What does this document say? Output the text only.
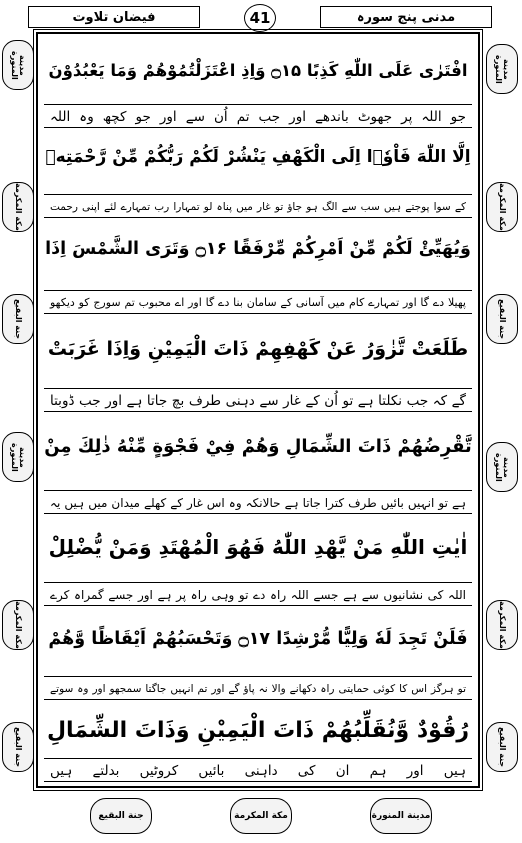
فیضان تلاوت	41	مدنی پنج سورہ
مدینة المنورة
مكة المكرمة
جنة البقيع
مدینة المنورة
مكة المكرمة
جنة البقيع
مدینة المنورة
مكة المكرمة
جنة البقيع
مدینة المنورة
مكة المكرمة
جنة البقيع
افْتَرٰى عَلَى اللّٰهِ كَذِبًا ۝۱۵ وَاِذِ اعْتَزَلْتُمُوْهُمْ وَمَا يَعْبُدُوْنَ
جو اللہ پر جھوٹ باندھے اور جب تم اُن سے اور جو کچھ وہ اللہ
اِلَّا اللّٰهَ فَاْوٗۤا اِلَى الْكَهْفِ يَنْشُرْ لَكُمْ رَبُّكُمْ مِّنْ رَّحْمَتِهٖ
کے سوا پوجتے ہیں سب سے الگ ہو جاؤ تو غار میں پناہ لو تمہارا رب تمہارے لئے اپنی رحمت
وَيُهَيِّئْ لَكُمْ مِّنْ اَمْرِكُمْ مِّرْفَقًا ۝۱۶ وَتَرَى الشَّمْسَ اِذَا
پھیلا دے گا اور تمہارے کام میں آسانی کے سامان بنا دے گا اور اے محبوب تم سورج کو دیکھو
طَلَعَتْ تَّزٰوَرُ عَنْ كَهْفِهِمْ ذَاتَ الْيَمِيْنِ وَاِذَا غَرَبَتْ
گے کہ جب نکلتا ہے تو اُن کے غار سے دہنی طرف بچ جاتا ہے اور جب ڈوبتا
تَّقْرِضُهُمْ ذَاتَ الشِّمَالِ وَهُمْ فِيْ فَجْوَةٍ مِّنْهُ ذٰلِكَ مِنْ
ہے تو انہیں بائیں طرف کترا جاتا ہے حالانکہ وہ اس غار کے کھلے میدان میں ہیں یہ
اٰيٰتِ اللّٰهِ مَنْ يَّهْدِ اللّٰهُ فَهُوَ الْمُهْتَدِ وَمَنْ يُّضْلِلْ
اللہ کی نشانیوں سے ہے جسے اللہ راہ دے تو وہی راہ پر ہے اور جسے گمراہ کرے
فَلَنْ تَجِدَ لَهٗ وَلِيًّا مُّرْشِدًا ۝۱۷ وَتَحْسَبُهُمْ اَيْقَاظًا وَّهُمْ
تو ہرگز اس کا کوئی حمایتی راہ دکھانے والا نہ پاؤ گے اور تم انہیں جاگتا سمجھو اور وہ سوتے
رُقُوْدٌ وَّنُقَلِّبُهُمْ ذَاتَ الْيَمِيْنِ وَذَاتَ الشِّمَالِ
ہیں اور ہم ان کی داہنی بائیں کروٹیں بدلتے ہیں
جنة البقيع	مكة المكرمة	مدینة المنورة
